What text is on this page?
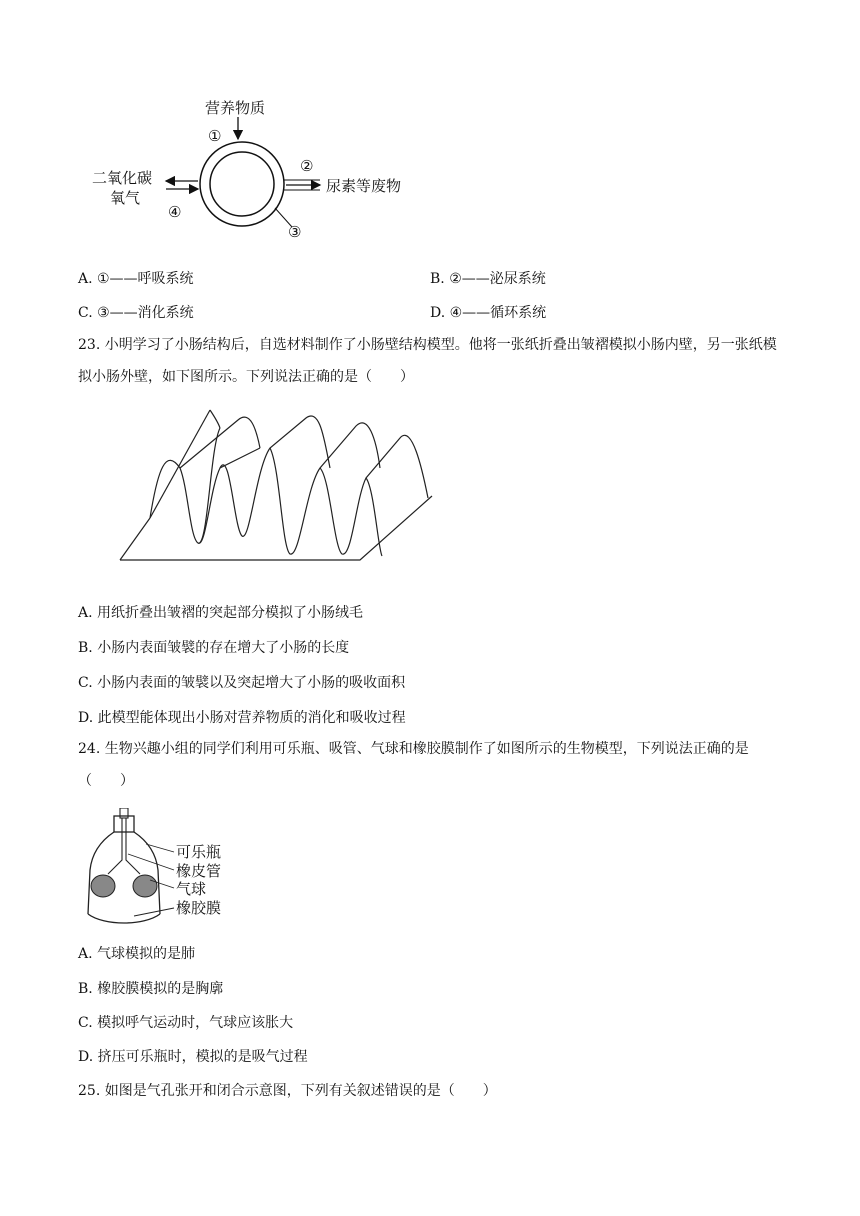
营养物质
①
②
尿素等废物
二氧化碳
氧气
④
③
A. ①——呼吸系统	B. ②——泌尿系统
C. ③——消化系统	D. ④——循环系统
23. 小明学习了小肠结构后，自选材料制作了小肠壁结构模型。他将一张纸折叠出皱褶模拟小肠内壁，另一张纸模拟小肠外壁，如下图所示。下列说法正确的是（　　）
A. 用纸折叠出皱褶的突起部分模拟了小肠绒毛
B. 小肠内表面皱襞的存在增大了小肠的长度
C. 小肠内表面的皱襞以及突起增大了小肠的吸收面积
D. 此模型能体现出小肠对营养物质的消化和吸收过程
24. 生物兴趣小组的同学们利用可乐瓶、吸管、气球和橡胶膜制作了如图所示的生物模型，下列说法正确的是（　　）
可乐瓶
橡皮管
气球
橡胶膜
A. 气球模拟的是肺
B. 橡胶膜模拟的是胸廓
C. 模拟呼气运动时，气球应该胀大
D. 挤压可乐瓶时，模拟的是吸气过程
25. 如图是气孔张开和闭合示意图，下列有关叙述错误的是（　　）
